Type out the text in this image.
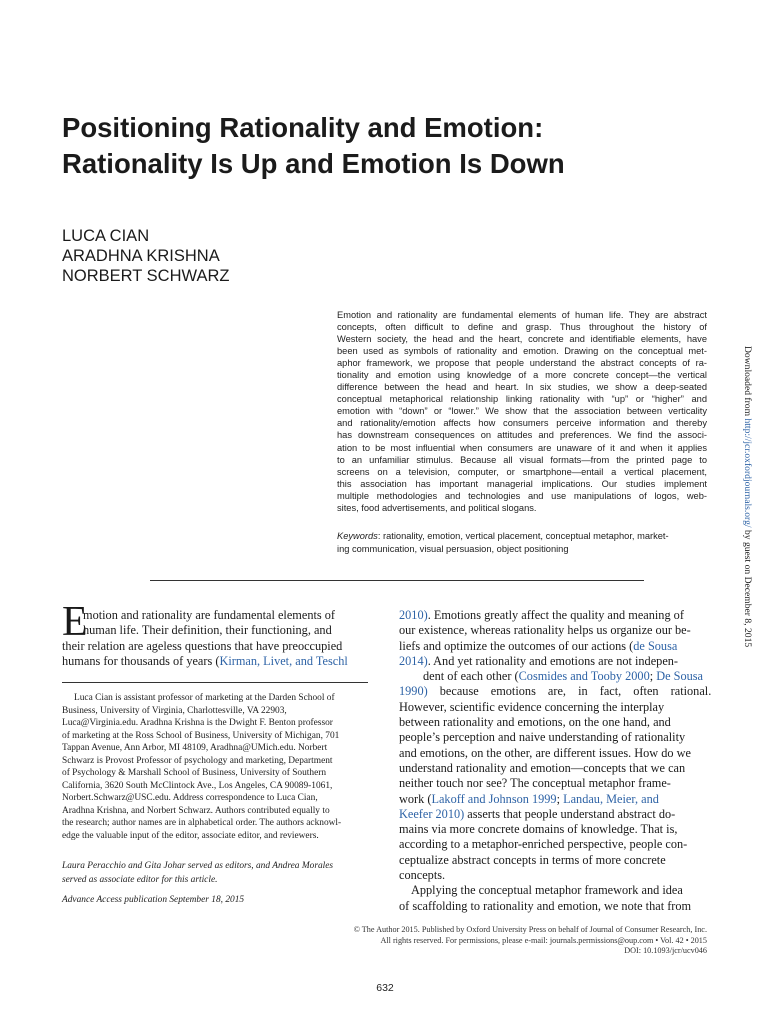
Positioning Rationality and Emotion:
Rationality Is Up and Emotion Is Down
LUCA CIAN
ARADHNA KRISHNA
NORBERT SCHWARZ
Emotion and rationality are fundamental elements of human life. They are abstract
concepts, often difficult to define and grasp. Thus throughout the history of
Western society, the head and the heart, concrete and identifiable elements, have
been used as symbols of rationality and emotion. Drawing on the conceptual met-
aphor framework, we propose that people understand the abstract concepts of ra-
tionality and emotion using knowledge of a more concrete concept—the vertical
difference between the head and heart. In six studies, we show a deep-seated
conceptual metaphorical relationship linking rationality with “up” or “higher” and
emotion with “down” or “lower.” We show that the association between verticality
and rationality/emotion affects how consumers perceive information and thereby
has downstream consequences on attitudes and preferences. We find the associ-
ation to be most influential when consumers are unaware of it and when it applies
to an unfamiliar stimulus. Because all visual formats—from the printed page to
screens on a television, computer, or smartphone—entail a vertical placement,
this association has important managerial implications. Our studies implement
multiple methodologies and technologies and use manipulations of logos, web-
sites, food advertisements, and political slogans.
Keywords: rationality, emotion, vertical placement, conceptual metaphor, market-
ing communication, visual persuasion, object positioning
E
motion and rationality are fundamental elements of
human life. Their definition, their functioning, and
their relation are ageless questions that have preoccupied
humans for thousands of years (Kirman, Livet, and Teschl
Luca Cian is assistant professor of marketing at the Darden School of
Business, University of Virginia, Charlottesville, VA 22903,
Luca@Virginia.edu. Aradhna Krishna is the Dwight F. Benton professor
of marketing at the Ross School of Business, University of Michigan, 701
Tappan Avenue, Ann Arbor, MI 48109, Aradhna@UMich.edu. Norbert
Schwarz is Provost Professor of psychology and marketing, Department
of Psychology & Marshall School of Business, University of Southern
California, 3620 South McClintock Ave., Los Angeles, CA 90089-1061,
Norbert.Schwarz@USC.edu. Address correspondence to Luca Cian,
Aradhna Krishna, and Norbert Schwarz. Authors contributed equally to
the research; author names are in alphabetical order. The authors acknowl-
edge the valuable input of the editor, associate editor, and reviewers.
Laura Peracchio and Gita Johar served as editors, and Andrea Morales
served as associate editor for this article.
Advance Access publication September 18, 2015
2010). Emotions greatly affect the quality and meaning of
our existence, whereas rationality helps us organize our be-
liefs and optimize the outcomes of our actions (de Sousa
2014). And yet rationality and emotions are not indepen-
dent of each other (Cosmides and Tooby 2000; De Sousa
1990) because emotions are, in fact, often rational.
However, scientific evidence concerning the interplay
between rationality and emotions, on the one hand, and
people’s perception and naive understanding of rationality
and emotions, on the other, are different issues. How do we
understand rationality and emotion—concepts that we can
neither touch nor see? The conceptual metaphor frame-
work (Lakoff and Johnson 1999; Landau, Meier, and
Keefer 2010) asserts that people understand abstract do-
mains via more concrete domains of knowledge. That is,
according to a metaphor-enriched perspective, people con-
ceptualize abstract concepts in terms of more concrete
concepts.
Applying the conceptual metaphor framework and idea
of scaffolding to rationality and emotion, we note that from
© The Author 2015. Published by Oxford University Press on behalf of Journal of Consumer Research, Inc.
All rights reserved. For permissions, please e-mail: journals.permissions@oup.com • Vol. 42 • 2015
DOI: 10.1093/jcr/ucv046
632
Downloaded from http://jcr.oxfordjournals.org/ by guest on December 8, 2015
